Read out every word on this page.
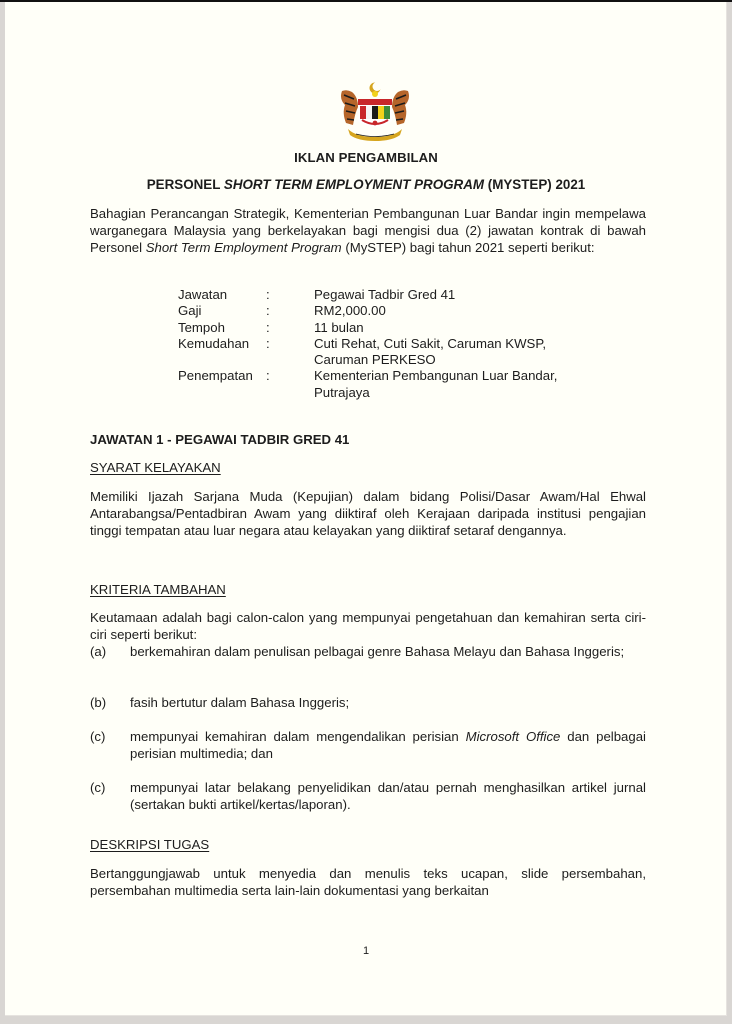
IKLAN PENGAMBILAN
PERSONEL SHORT TERM EMPLOYMENT PROGRAM (MYSTEP) 2021
Bahagian Perancangan Strategik, Kementerian Pembangunan Luar Bandar ingin mempelawa warganegara Malaysia yang berkelayakan bagi mengisi dua (2) jawatan kontrak di bawah Personel Short Term Employment Program (MySTEP) bagi tahun 2021 seperti berikut:
Jawatan	:	Pegawai Tadbir Gred 41
Gaji	:	RM2,000.00
Tempoh	:	11 bulan
Kemudahan	:	Cuti Rehat, Cuti Sakit, Caruman KWSP, Caruman PERKESO
Penempatan	:	Kementerian Pembangunan Luar Bandar, Putrajaya
JAWATAN 1 - PEGAWAI TADBIR GRED 41
SYARAT KELAYAKAN
Memiliki Ijazah Sarjana Muda (Kepujian) dalam bidang Polisi/Dasar Awam/Hal Ehwal Antarabangsa/Pentadbiran Awam yang diiktiraf oleh Kerajaan daripada institusi pengajian tinggi tempatan atau luar negara atau kelayakan yang diiktiraf setaraf dengannya.
KRITERIA TAMBAHAN
Keutamaan adalah bagi calon-calon yang mempunyai pengetahuan dan kemahiran serta ciri-ciri seperti berikut:
(a)	berkemahiran dalam penulisan pelbagai genre Bahasa Melayu dan Bahasa Inggeris;
(b)	fasih bertutur dalam Bahasa Inggeris;
(c)	mempunyai kemahiran dalam mengendalikan perisian Microsoft Office dan pelbagai perisian multimedia; dan
(c)	mempunyai latar belakang penyelidikan dan/atau pernah menghasilkan artikel jurnal (sertakan bukti artikel/kertas/laporan).
DESKRIPSI TUGAS
Bertanggungjawab untuk menyedia dan menulis teks ucapan, slide persembahan, persembahan multimedia serta lain-lain dokumentasi yang berkaitan
1
